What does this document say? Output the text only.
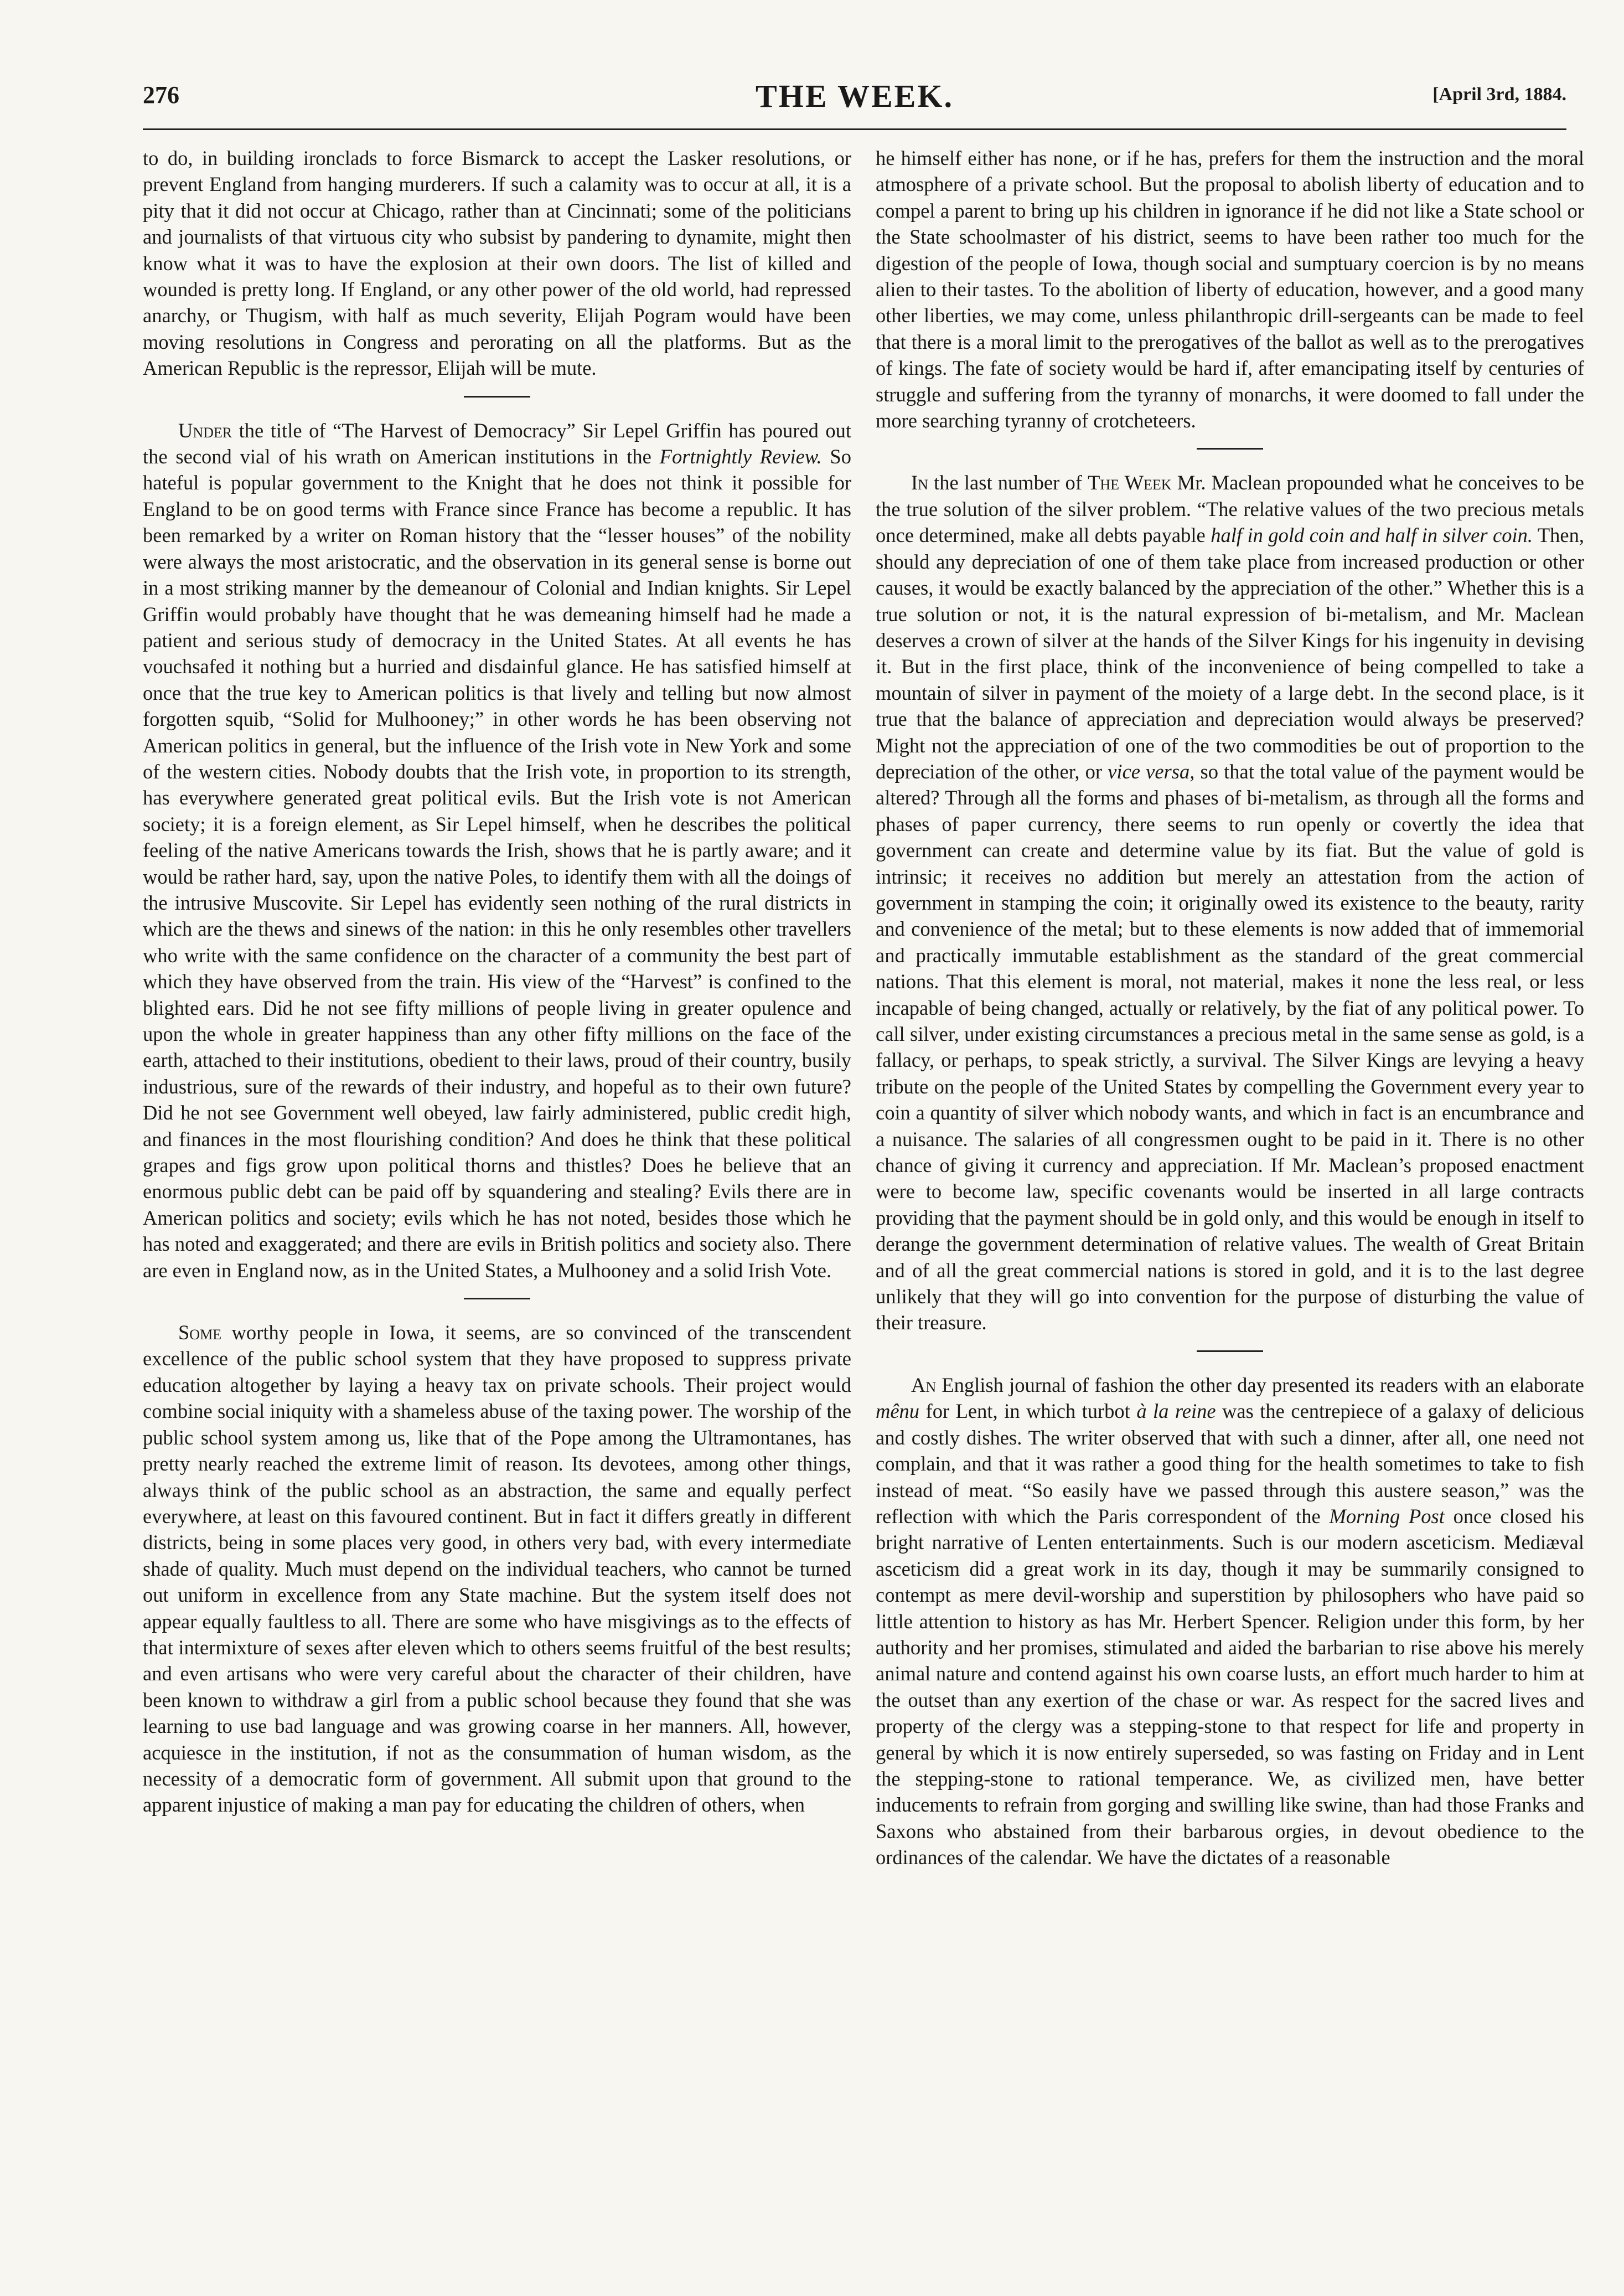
THE WEEK.
276	[April 3rd, 1884.

to do, in building ironclads to force Bismarck to accept the Lasker resolutions, or prevent England from hanging murderers. If such a calamity was to occur at all, it is a pity that it did not occur at Chicago, rather than at Cincinnati; some of the politicians and journalists of that virtuous city who subsist by pandering to dynamite, might then know what it was to have the explosion at their own doors. The list of killed and wounded is pretty long. If England, or any other power of the old world, had repressed anarchy, or Thugism, with half as much severity, Elijah Pogram would have been moving resolutions in Congress and perorating on all the platforms. But as the American Republic is the repressor, Elijah will be mute.

Under the title of “The Harvest of Democracy” Sir Lepel Griffin has poured out the second vial of his wrath on American institutions in the Fortnightly Review. So hateful is popular government to the Knight that he does not think it possible for England to be on good terms with France since France has become a republic. It has been remarked by a writer on Roman history that the “lesser houses” of the nobility were always the most aristocratic, and the observation in its general sense is borne out in a most striking manner by the demeanour of Colonial and Indian knights. Sir Lepel Griffin would probably have thought that he was demeaning himself had he made a patient and serious study of democracy in the United States. At all events he has vouchsafed it nothing but a hurried and disdainful glance. He has satisfied himself at once that the true key to American politics is that lively and telling but now almost forgotten squib, “Solid for Mulhooney;” in other words he has been observing not American politics in general, but the influence of the Irish vote in New York and some of the western cities. Nobody doubts that the Irish vote, in proportion to its strength, has everywhere generated great political evils. But the Irish vote is not American society; it is a foreign element, as Sir Lepel himself, when he describes the political feeling of the native Americans towards the Irish, shows that he is partly aware; and it would be rather hard, say, upon the native Poles, to identify them with all the doings of the intrusive Muscovite. Sir Lepel has evidently seen nothing of the rural districts in which are the thews and sinews of the nation: in this he only resembles other travellers who write with the same confidence on the character of a community the best part of which they have observed from the train. His view of the “Harvest” is confined to the blighted ears. Did he not see fifty millions of people living in greater opulence and upon the whole in greater happiness than any other fifty millions on the face of the earth, attached to their institutions, obedient to their laws, proud of their country, busily industrious, sure of the rewards of their industry, and hopeful as to their own future? Did he not see Government well obeyed, law fairly administered, public credit high, and finances in the most flourishing condition? And does he think that these political grapes and figs grow upon political thorns and thistles? Does he believe that an enormous public debt can be paid off by squandering and stealing? Evils there are in American politics and society; evils which he has not noted, besides those which he has noted and exaggerated; and there are evils in British politics and society also. There are even in England now, as in the United States, a Mulhooney and a solid Irish Vote.

Some worthy people in Iowa, it seems, are so convinced of the transcendent excellence of the public school system that they have proposed to suppress private education altogether by laying a heavy tax on private schools. Their project would combine social iniquity with a shameless abuse of the taxing power. The worship of the public school system among us, like that of the Pope among the Ultramontanes, has pretty nearly reached the extreme limit of reason. Its devotees, among other things, always think of the public school as an abstraction, the same and equally perfect everywhere, at least on this favoured continent. But in fact it differs greatly in different districts, being in some places very good, in others very bad, with every intermediate shade of quality. Much must depend on the individual teachers, who cannot be turned out uniform in excellence from any State machine. But the system itself does not appear equally faultless to all. There are some who have misgivings as to the effects of that intermixture of sexes after eleven which to others seems fruitful of the best results; and even artisans who were very careful about the character of their children, have been known to withdraw a girl from a public school because they found that she was learning to use bad language and was growing coarse in her manners. All, however, acquiesce in the institution, if not as the consummation of human wisdom, as the necessity of a democratic form of government. All submit upon that ground to the apparent injustice of making a man pay for educating the children of others, when

he himself either has none, or if he has, prefers for them the instruction and the moral atmosphere of a private school. But the proposal to abolish liberty of education and to compel a parent to bring up his children in ignorance if he did not like a State school or the State schoolmaster of his district, seems to have been rather too much for the digestion of the people of Iowa, though social and sumptuary coercion is by no means alien to their tastes. To the abolition of liberty of education, however, and a good many other liberties, we may come, unless philanthropic drill-sergeants can be made to feel that there is a moral limit to the prerogatives of the ballot as well as to the prerogatives of kings. The fate of society would be hard if, after emancipating itself by centuries of struggle and suffering from the tyranny of monarchs, it were doomed to fall under the more searching tyranny of crotcheteers.

In the last number of The Week Mr. Maclean propounded what he conceives to be the true solution of the silver problem. “The relative values of the two precious metals once determined, make all debts payable half in gold coin and half in silver coin. Then, should any depreciation of one of them take place from increased production or other causes, it would be exactly balanced by the appreciation of the other.” Whether this is a true solution or not, it is the natural expression of bi-metalism, and Mr. Maclean deserves a crown of silver at the hands of the Silver Kings for his ingenuity in devising it. But in the first place, think of the inconvenience of being compelled to take a mountain of silver in payment of the moiety of a large debt. In the second place, is it true that the balance of appreciation and depreciation would always be preserved? Might not the appreciation of one of the two commodities be out of proportion to the depreciation of the other, or vice versa, so that the total value of the payment would be altered? Through all the forms and phases of bi-metalism, as through all the forms and phases of paper currency, there seems to run openly or covertly the idea that government can create and determine value by its fiat. But the value of gold is intrinsic; it receives no addition but merely an attestation from the action of government in stamping the coin; it originally owed its existence to the beauty, rarity and convenience of the metal; but to these elements is now added that of immemorial and practically immutable establishment as the standard of the great commercial nations. That this element is moral, not material, makes it none the less real, or less incapable of being changed, actually or relatively, by the fiat of any political power. To call silver, under existing circumstances a precious metal in the same sense as gold, is a fallacy, or perhaps, to speak strictly, a survival. The Silver Kings are levying a heavy tribute on the people of the United States by compelling the Government every year to coin a quantity of silver which nobody wants, and which in fact is an encumbrance and a nuisance. The salaries of all congressmen ought to be paid in it. There is no other chance of giving it currency and appreciation. If Mr. Maclean’s proposed enactment were to become law, specific covenants would be inserted in all large contracts providing that the payment should be in gold only, and this would be enough in itself to derange the government determination of relative values. The wealth of Great Britain and of all the great commercial nations is stored in gold, and it is to the last degree unlikely that they will go into convention for the purpose of disturbing the value of their treasure.

An English journal of fashion the other day presented its readers with an elaborate mênu for Lent, in which turbot à la reine was the centrepiece of a galaxy of delicious and costly dishes. The writer observed that with such a dinner, after all, one need not complain, and that it was rather a good thing for the health sometimes to take to fish instead of meat. “So easily have we passed through this austere season,” was the reflection with which the Paris correspondent of the Morning Post once closed his bright narrative of Lenten entertainments. Such is our modern asceticism. Mediæval asceticism did a great work in its day, though it may be summarily consigned to contempt as mere devil-worship and superstition by philosophers who have paid so little attention to history as has Mr. Herbert Spencer. Religion under this form, by her authority and her promises, stimulated and aided the barbarian to rise above his merely animal nature and contend against his own coarse lusts, an effort much harder to him at the outset than any exertion of the chase or war. As respect for the sacred lives and property of the clergy was a stepping-stone to that respect for life and property in general by which it is now entirely superseded, so was fasting on Friday and in Lent the stepping-stone to rational temperance. We, as civilized men, have better inducements to refrain from gorging and swilling like swine, than had those Franks and Saxons who abstained from their barbarous orgies, in devout obedience to the ordinances of the calendar. We have the dictates of a reasonable
